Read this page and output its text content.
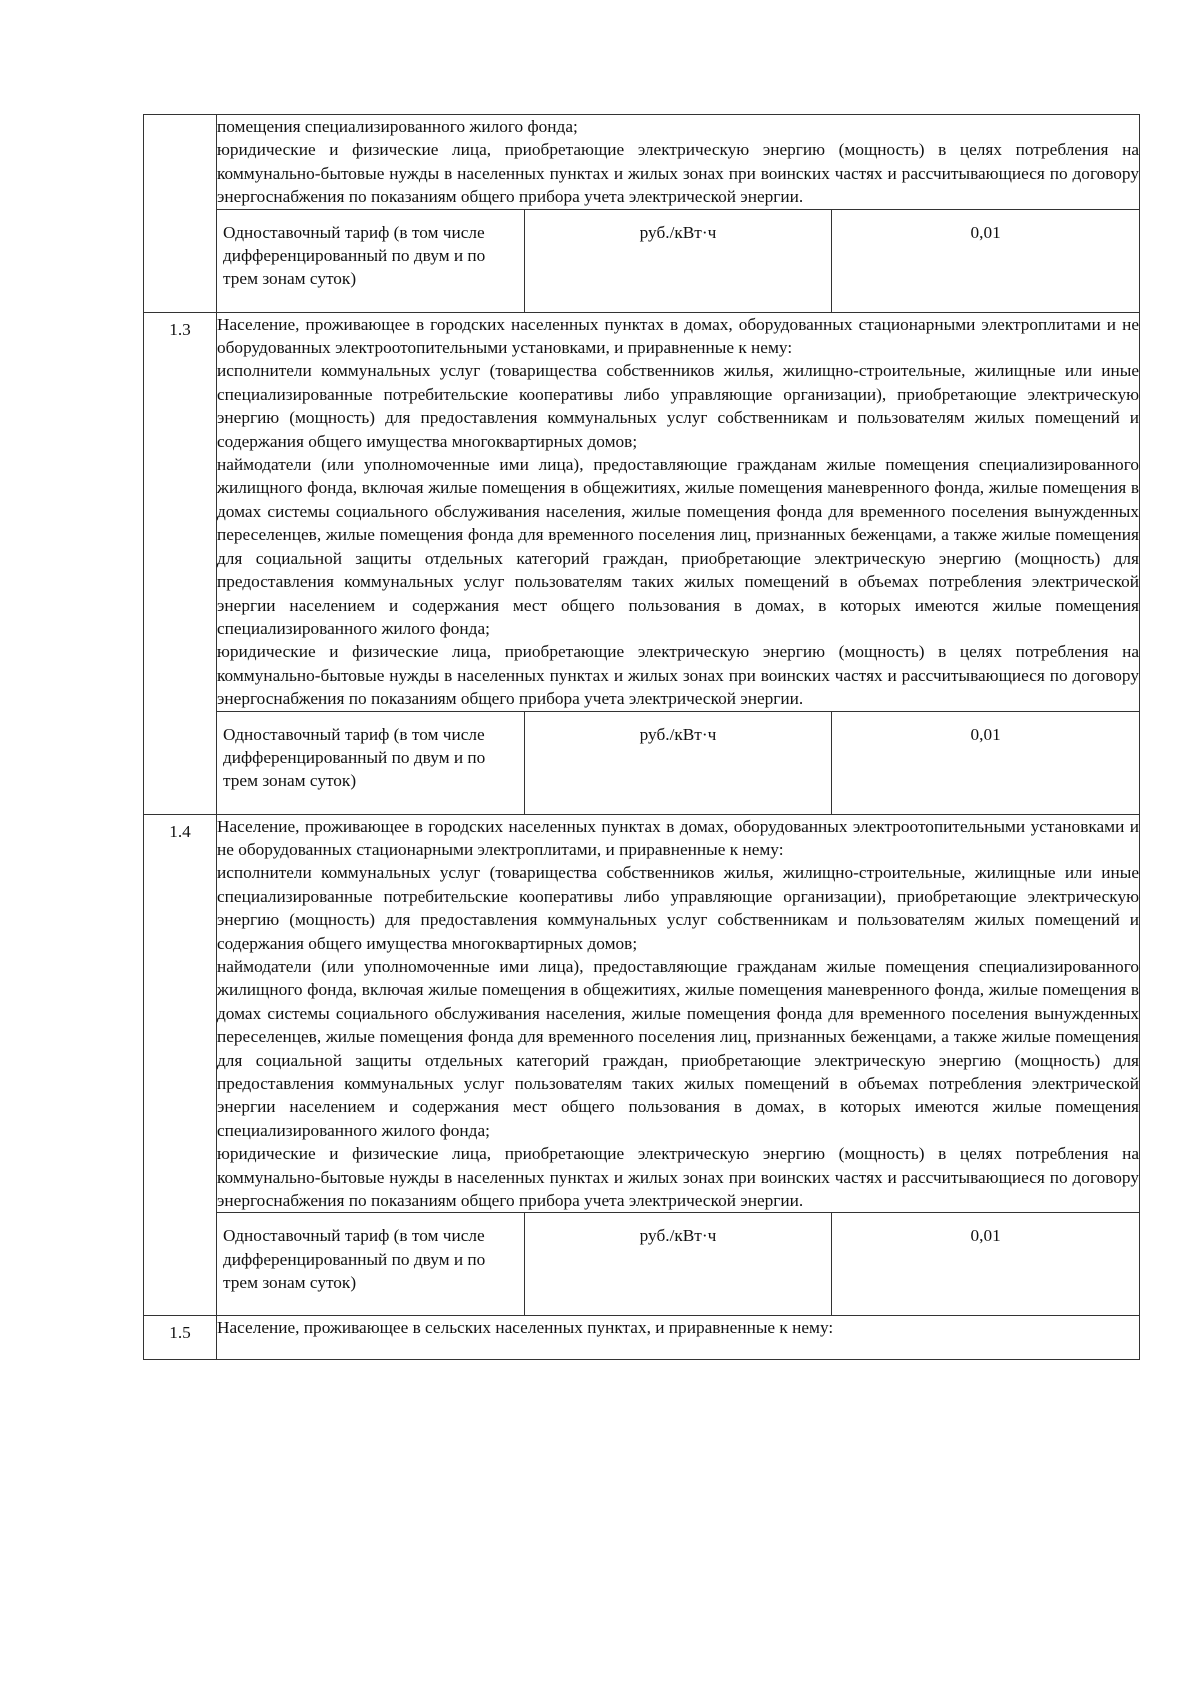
	помещения специализированного жилого фонда;

юридические и физические лица, приобретающие электрическую энергию (мощность) в целях потребления на коммунально-бытовые нужды в населенных пунктах и жилых зонах при воинских частях и рассчитывающиеся по договору энергоснабжения по показаниям общего прибора учета электрической энергии.		

	Одноставочный тариф (в том числе дифференцированный по двум и по трем зонам суток)	руб./кВт·ч	0,01
1.3	Население, проживающее в городских населенных пунктах в домах, оборудованных стационарными электроплитами и не оборудованных электроотопительными установками, и приравненные к нему:

исполнители коммунальных услуг (товарищества собственников жилья, жилищно-строительные, жилищные или иные специализированные потребительские кооперативы либо управляющие организации), приобретающие электрическую энергию (мощность) для предоставления коммунальных услуг собственникам и пользователям жилых помещений и содержания общего имущества многоквартирных домов;

наймодатели (или уполномоченные ими лица), предоставляющие гражданам жилые помещения специализированного жилищного фонда, включая жилые помещения в общежитиях, жилые помещения маневренного фонда, жилые помещения в домах системы социального обслуживания населения, жилые помещения фонда для временного поселения вынужденных переселенцев, жилые помещения фонда для временного поселения лиц, признанных беженцами, а также жилые помещения для социальной защиты отдельных категорий граждан, приобретающие электрическую энергию (мощность) для предоставления коммунальных услуг пользователям таких жилых помещений в объемах потребления электрической энергии населением и содержания мест общего пользования в домах, в которых имеются жилые помещения специализированного жилого фонда;

юридические и физические лица, приобретающие электрическую энергию (мощность) в целях потребления на коммунально-бытовые нужды в населенных пунктах и жилых зонах при воинских частях и рассчитывающиеся по договору энергоснабжения по показаниям общего прибора учета электрической энергии.		

	Одноставочный тариф (в том числе дифференцированный по двум и по трем зонам суток)	руб./кВт·ч	0,01
1.4	Население, проживающее в городских населенных пунктах в домах, оборудованных электроотопительными установками и не оборудованных стационарными электроплитами, и приравненные к нему:

исполнители коммунальных услуг (товарищества собственников жилья, жилищно-строительные, жилищные или иные специализированные потребительские кооперативы либо управляющие организации), приобретающие электрическую энергию (мощность) для предоставления коммунальных услуг собственникам и пользователям жилых помещений и содержания общего имущества многоквартирных домов;

наймодатели (или уполномоченные ими лица), предоставляющие гражданам жилые помещения специализированного жилищного фонда, включая жилые помещения в общежитиях, жилые помещения маневренного фонда, жилые помещения в домах системы социального обслуживания населения, жилые помещения фонда для временного поселения вынужденных переселенцев, жилые помещения фонда для временного поселения лиц, признанных беженцами, а также жилые помещения для социальной защиты отдельных категорий граждан, приобретающие электрическую энергию (мощность) для предоставления коммунальных услуг пользователям таких жилых помещений в объемах потребления электрической энергии населением и содержания мест общего пользования в домах, в которых имеются жилые помещения специализированного жилого фонда;

юридические и физические лица, приобретающие электрическую энергию (мощность) в целях потребления на коммунально-бытовые нужды в населенных пунктах и жилых зонах при воинских частях и рассчитывающиеся по договору энергоснабжения по показаниям общего прибора учета электрической энергии.		

	Одноставочный тариф (в том числе дифференцированный по двум и по трем зонам суток)	руб./кВт·ч	0,01
1.5	Население, проживающее в сельских населенных пунктах, и приравненные к нему:		
